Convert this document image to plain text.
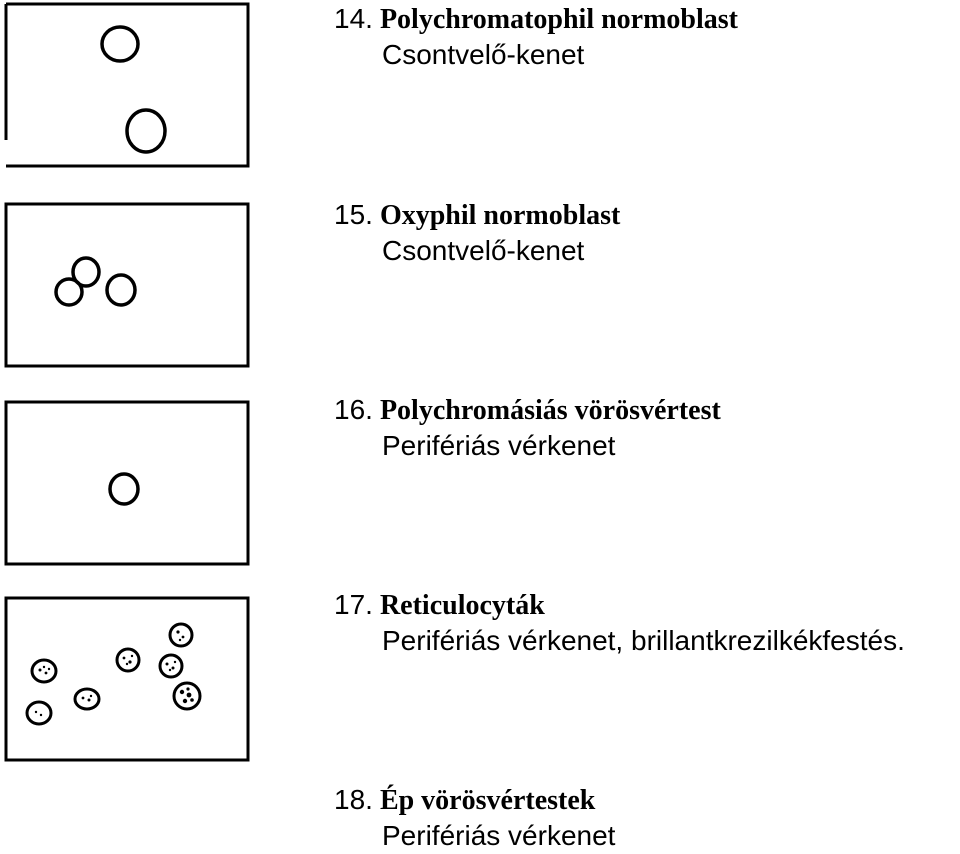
14. Polychromatophil normoblast
Csontvelő-kenet
15. Oxyphil normoblast
Csontvelő-kenet
16. Polychromásiás vörösvértest
Perifériás vérkenet
17. Reticulocyták
Perifériás vérkenet, brillantkrezilkékfestés.
18. Ép vörösvértestek
Perifériás vérkenet
